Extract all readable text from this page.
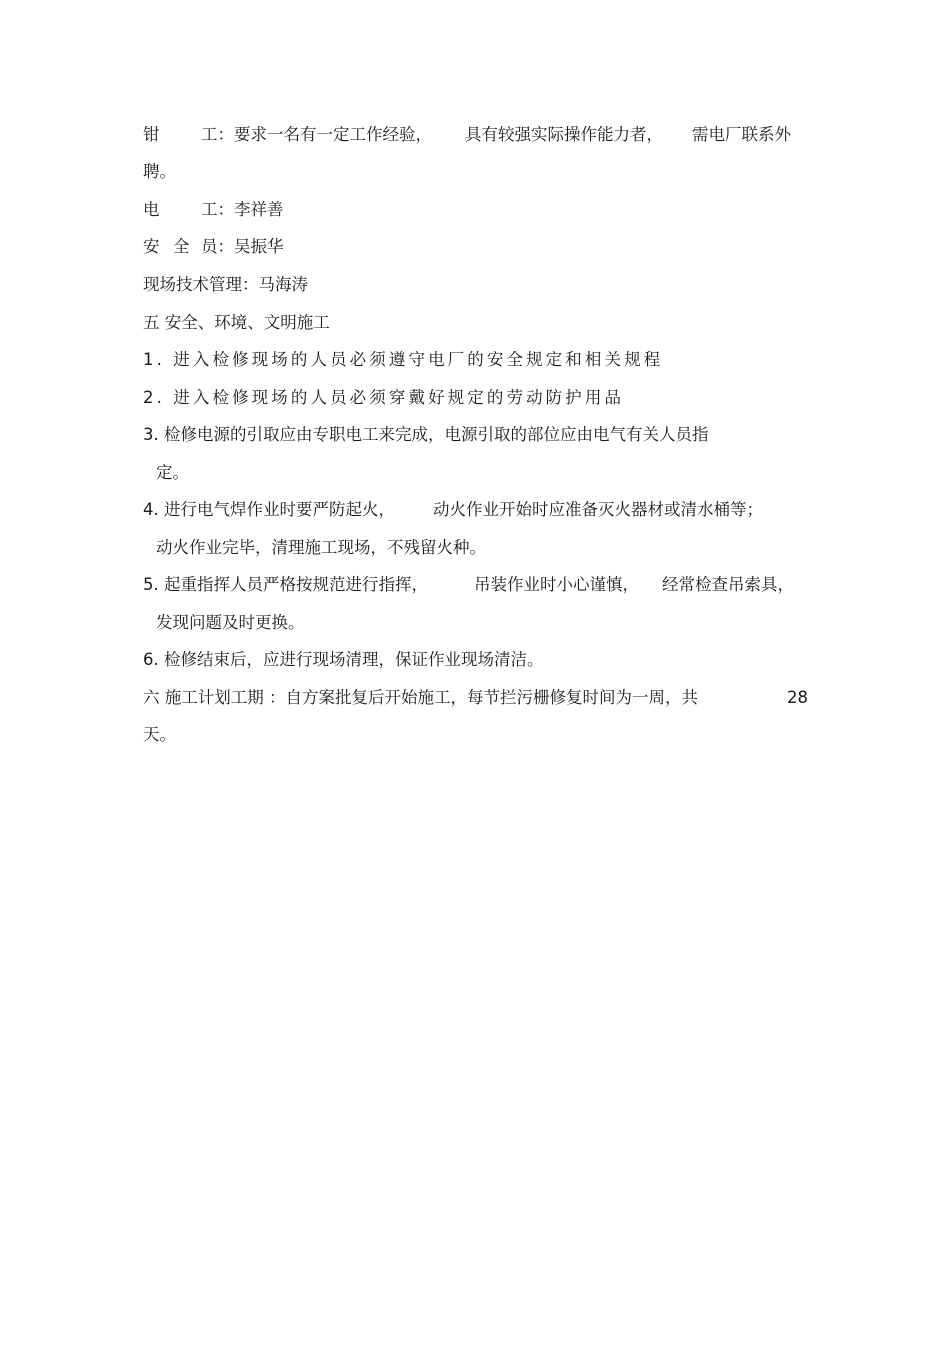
钳	工：要求一名有一定工作经验， 具有较强实际操作能力者， 需电厂联系外
聘。
电	工：李祥善
安 全 员：吴振华
现场技术管理：马海涛
五 安全、环境、文明施工
1. 进入检修现场的人员必须遵守电厂的安全规定和相关规程
2. 进入检修现场的人员必须穿戴好规定的劳动防护用品
3. 检修电源的引取应由专职电工来完成，电源引取的部位应由电气有关人员指
定。
4. 进行电气焊作业时要严防起火， 动火作业开始时应准备灭火器材或清水桶等；
动火作业完毕，清理施工现场，不残留火种。
5. 起重指挥人员严格按规范进行指挥，	吊装作业时小心谨慎， 经常检查吊索具，
发现问题及时更换。
6. 检修结束后，应进行现场清理，保证作业现场清洁。
六 施工计划工期 ：自方案批复后开始施工，每节拦污栅修复时间为一周，共	28
天。
